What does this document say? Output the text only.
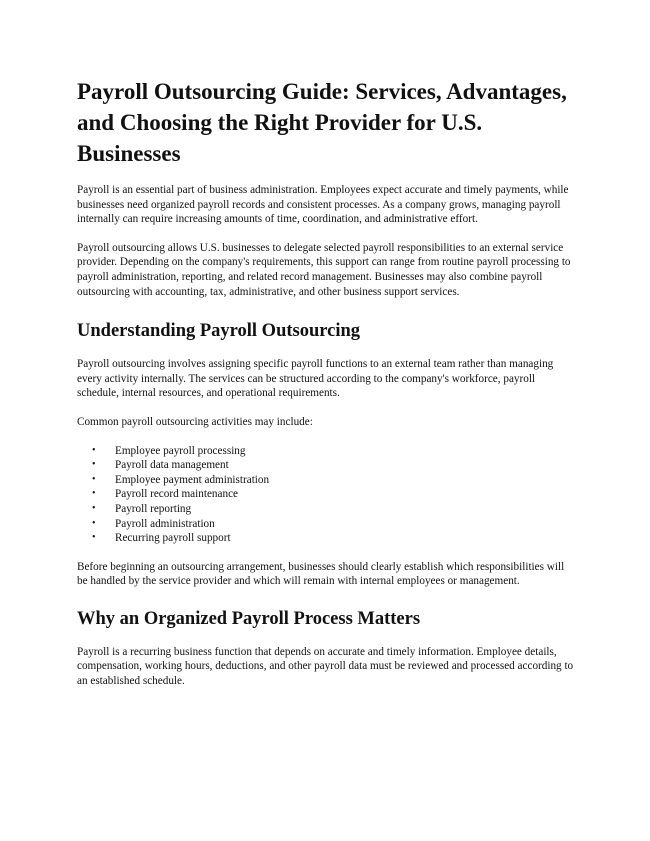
Payroll Outsourcing Guide: Services, Advantages, and Choosing the Right Provider for U.S. Businesses

Payroll is an essential part of business administration. Employees expect accurate and timely payments, while businesses need organized payroll records and consistent processes. As a company grows, managing payroll internally can require increasing amounts of time, coordination, and administrative effort.

Payroll outsourcing allows U.S. businesses to delegate selected payroll responsibilities to an external service provider. Depending on the company's requirements, this support can range from routine payroll processing to payroll administration, reporting, and related record management. Businesses may also combine payroll outsourcing with accounting, tax, administrative, and other business support services.

Understanding Payroll Outsourcing

Payroll outsourcing involves assigning specific payroll functions to an external team rather than managing every activity internally. The services can be structured according to the company's workforce, payroll schedule, internal resources, and operational requirements.

Common payroll outsourcing activities may include:

• Employee payroll processing
• Payroll data management
• Employee payment administration
• Payroll record maintenance
• Payroll reporting
• Payroll administration
• Recurring payroll support

Before beginning an outsourcing arrangement, businesses should clearly establish which responsibilities will be handled by the service provider and which will remain with internal employees or management.

Why an Organized Payroll Process Matters

Payroll is a recurring business function that depends on accurate and timely information. Employee details, compensation, working hours, deductions, and other payroll data must be reviewed and processed according to an established schedule.
